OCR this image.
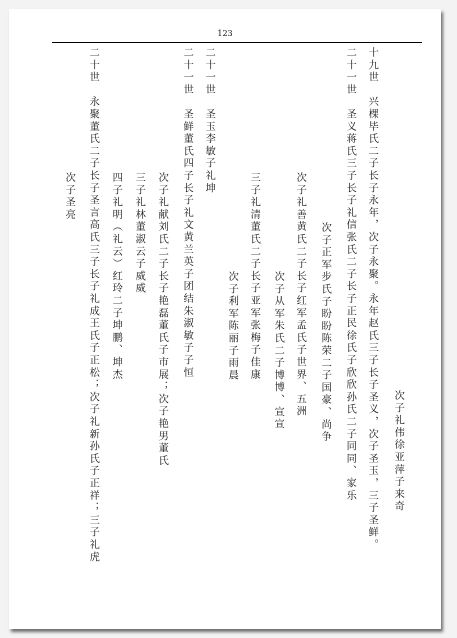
123
次子礼伟徐亚萍子来奇
十九世　兴棵毕氏二子长子永年，次子永聚。永年赵氏三子长子圣义，次子圣玉，三子圣鲜。
二十一世　圣义蒋氏三子长子礼信张氏二子长子正民徐氏子欣欣孙氏二子同同、家乐
次子正军步氏子盼盼陈荣二子国豪、尚争
次子礼善黄氏二子长子红军孟氏子世界、五洲
次子从军朱氏二子博博、宣宣
三子礼清董氏二子长子亚军张梅子佳康
次子利军陈丽子雨晨
二十一世　圣玉李敏子礼坤
二十一世　圣鲜董氏四子长子礼文黄兰英子团结朱淑敏子子恒
次子礼献刘氏二子长子艳磊董氏子市展；次子艳男董氏
三子礼林董淑云子威威
四子礼明（礼云）红玲二子坤鹏、坤杰
二十世　永聚董氏二子长子圣言高氏三子长子礼成王氏子正松；次子礼新孙氏子正祥；三子礼虎
次子圣亮
